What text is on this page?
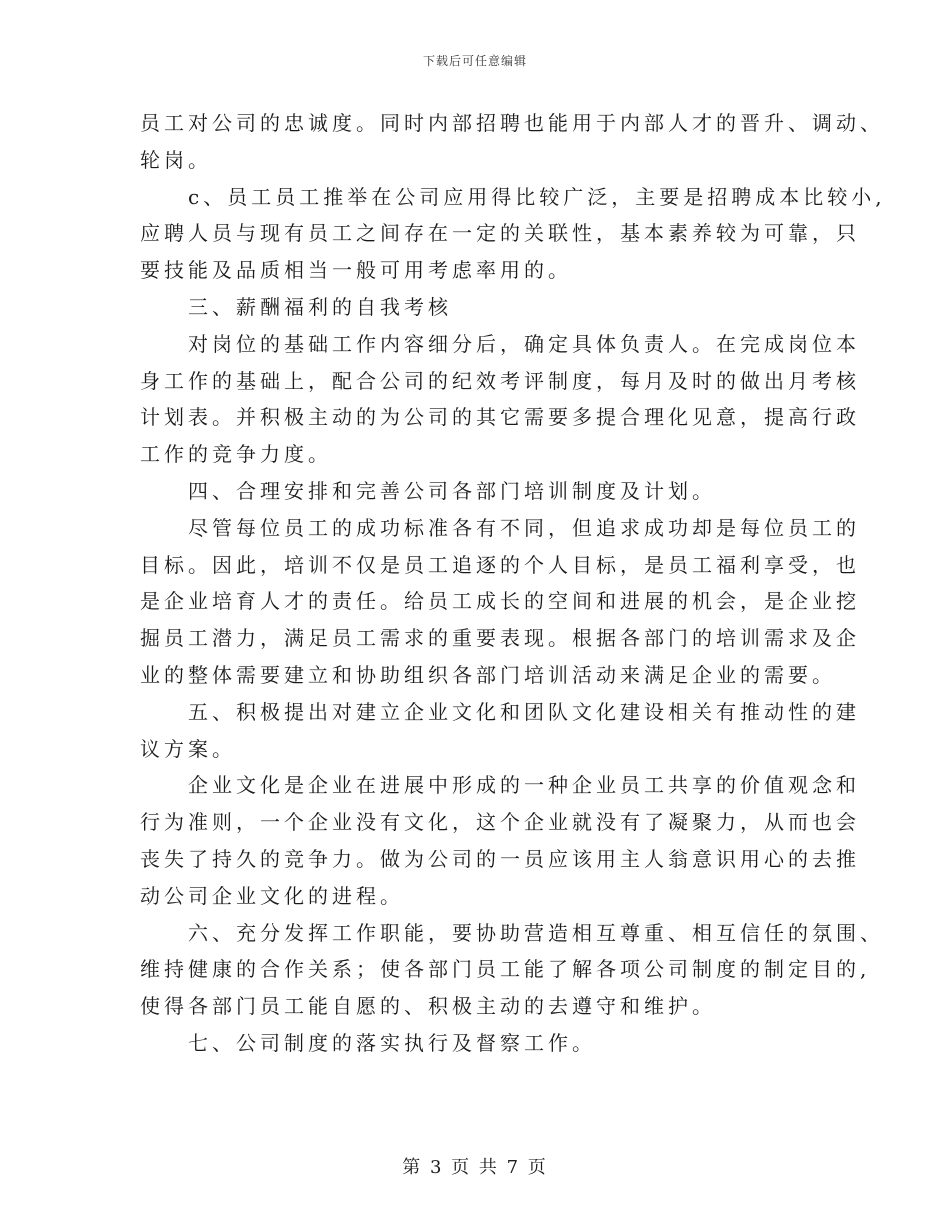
下载后可任意编辑
员工对公司的忠诚度。同时内部招聘也能用于内部人才的晋升、调动、
轮岗。
c、员工员工推举在公司应用得比较广泛，主要是招聘成本比较小,
应聘人员与现有员工之间存在一定的关联性，基本素养较为可靠，只
要技能及品质相当一般可用考虑率用的。
三、薪酬福利的自我考核
对岗位的基础工作内容细分后，确定具体负责人。在完成岗位本
身工作的基础上，配合公司的纪效考评制度，每月及时的做出月考核
计划表。并积极主动的为公司的其它需要多提合理化见意，提高行政
工作的竞争力度。
四、合理安排和完善公司各部门培训制度及计划。
尽管每位员工的成功标准各有不同，但追求成功却是每位员工的
目标。因此，培训不仅是员工追逐的个人目标，是员工福利享受，也
是企业培育人才的责任。给员工成长的空间和进展的机会，是企业挖
掘员工潜力，满足员工需求的重要表现。根据各部门的培训需求及企
业的整体需要建立和协助组织各部门培训活动来满足企业的需要。
五、积极提出对建立企业文化和团队文化建设相关有推动性的建
议方案。
企业文化是企业在进展中形成的一种企业员工共享的价值观念和
行为准则，一个企业没有文化，这个企业就没有了凝聚力，从而也会
丧失了持久的竞争力。做为公司的一员应该用主人翁意识用心的去推
动公司企业文化的进程。
六、充分发挥工作职能，要协助营造相互尊重、相互信任的氛围、
维持健康的合作关系；使各部门员工能了解各项公司制度的制定目的,
使得各部门员工能自愿的、积极主动的去遵守和维护。
七、公司制度的落实执行及督察工作。
第 3 页 共 7 页
